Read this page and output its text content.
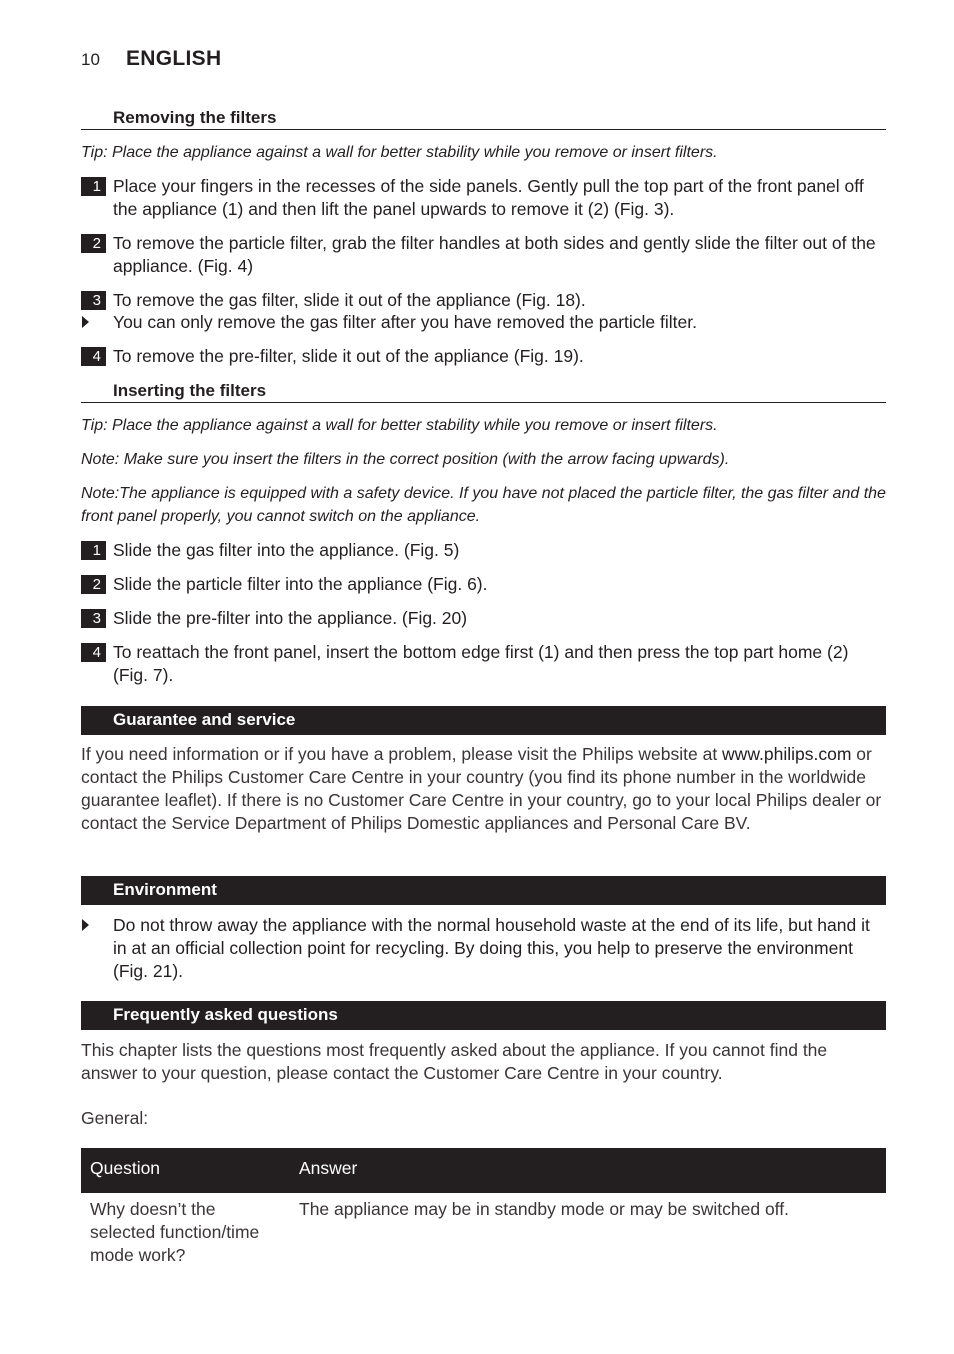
10 ENGLISH
Removing the filters
Tip: Place the appliance against a wall for better stability while you remove or insert filters.
1 Place your fingers in the recesses of the side panels. Gently pull the top part of the front panel off the appliance (1) and then lift the panel upwards to remove it (2) (Fig. 3).
2 To remove the particle filter, grab the filter handles at both sides and gently slide the filter out of the appliance. (Fig. 4)
3 To remove the gas filter, slide it out of the appliance (Fig. 18).
You can only remove the gas filter after you have removed the particle filter.
4 To remove the pre-filter, slide it out of the appliance (Fig. 19).
Inserting the filters
Tip: Place the appliance against a wall for better stability while you remove or insert filters.
Note: Make sure you insert the filters in the correct position (with the arrow facing upwards).
Note:The appliance is equipped with a safety device. If you have not placed the particle filter, the gas filter and the front panel properly, you cannot switch on the appliance.
1 Slide the gas filter into the appliance. (Fig. 5)
2 Slide the particle filter into the appliance (Fig. 6).
3 Slide the pre-filter into the appliance. (Fig. 20)
4 To reattach the front panel, insert the bottom edge first (1) and then press the top part home (2) (Fig. 7).
Guarantee and service
If you need information or if you have a problem, please visit the Philips website at www.philips.com or contact the Philips Customer Care Centre in your country (you find its phone number in the worldwide guarantee leaflet). If there is no Customer Care Centre in your country, go to your local Philips dealer or contact the Service Department of Philips Domestic appliances and Personal Care BV.
Environment
Do not throw away the appliance with the normal household waste at the end of its life, but hand it in at an official collection point for recycling. By doing this, you help to preserve the environment (Fig. 21).
Frequently asked questions
This chapter lists the questions most frequently asked about the appliance. If you cannot find the answer to your question, please contact the Customer Care Centre in your country.
General:
Question	Answer
Why doesn’t the selected function/time mode work?
The appliance may be in standby mode or may be switched off.
